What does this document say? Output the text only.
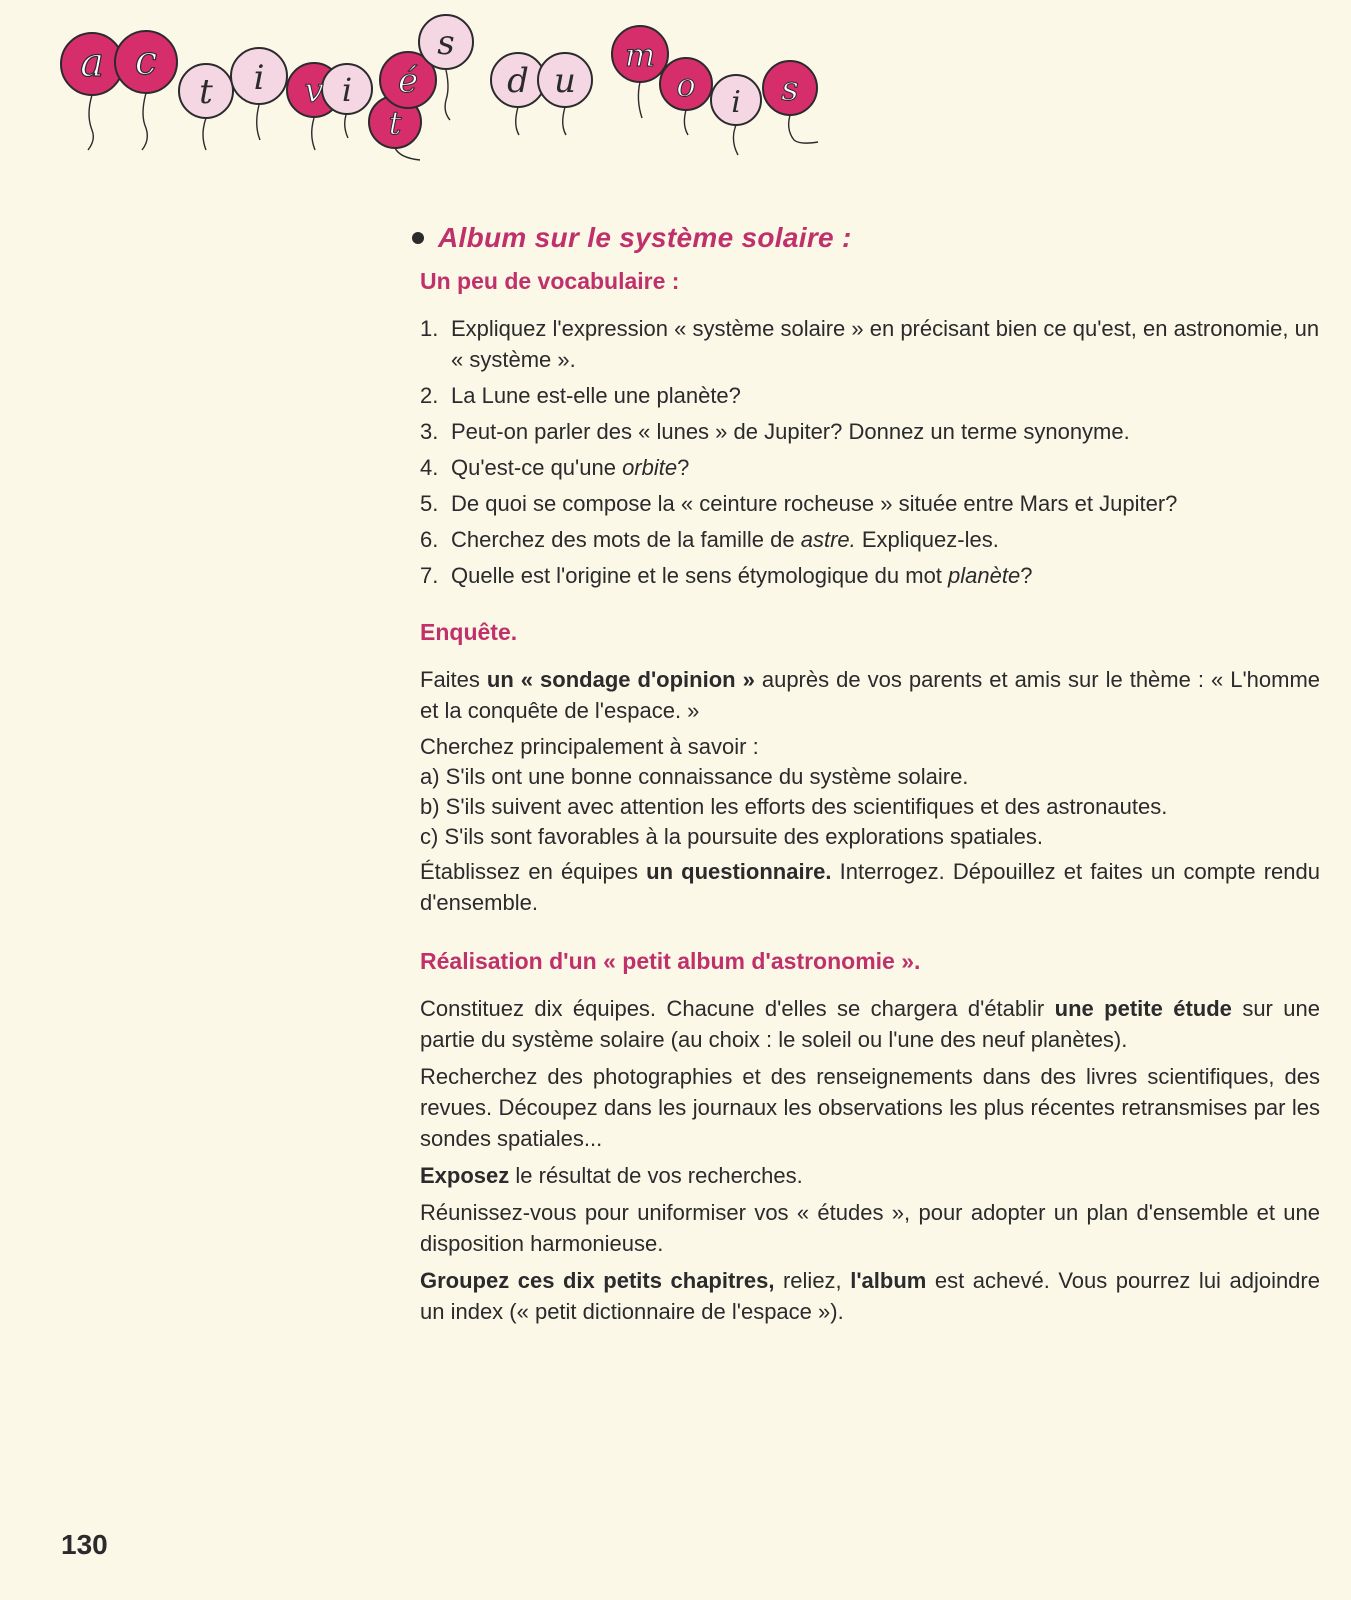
a c
t i v i
t
é
s
d u
m
o i s
Album sur le système solaire :
Un peu de vocabulaire :
1. Expliquez l'expression « système solaire » en précisant bien ce qu'est, en astronomie, un « système ».
2. La Lune est-elle une planète?
3. Peut-on parler des « lunes » de Jupiter? Donnez un terme synonyme.
4. Qu'est-ce qu'une orbite?
5. De quoi se compose la « ceinture rocheuse » située entre Mars et Jupiter?
6. Cherchez des mots de la famille de astre. Expliquez-les.
7. Quelle est l'origine et le sens étymologique du mot planète?
Enquête.

Faites un « sondage d'opinion » auprès de vos parents et amis sur le thème : « L'homme et la conquête de l'espace. »

Cherchez principalement à savoir :

a) S'ils ont une bonne connaissance du système solaire.

b) S'ils suivent avec attention les efforts des scientifiques et des astronautes.

c) S'ils sont favorables à la poursuite des explorations spatiales.

Établissez en équipes un questionnaire. Interrogez. Dépouillez et faites un compte rendu d'ensemble.

Réalisation d'un « petit album d'astronomie ».

Constituez dix équipes. Chacune d'elles se chargera d'établir une petite étude sur une partie du système solaire (au choix : le soleil ou l'une des neuf planètes).

Recherchez des photographies et des renseignements dans des livres scientifiques, des revues. Découpez dans les journaux les observations les plus récentes retransmises par les sondes spatiales...

Exposez le résultat de vos recherches.

Réunissez-vous pour uniformiser vos « études », pour adopter un plan d'ensemble et une disposition harmonieuse.

Groupez ces dix petits chapitres, reliez, l'album est achevé. Vous pourrez lui adjoindre un index (« petit dictionnaire de l'espace »).

130
